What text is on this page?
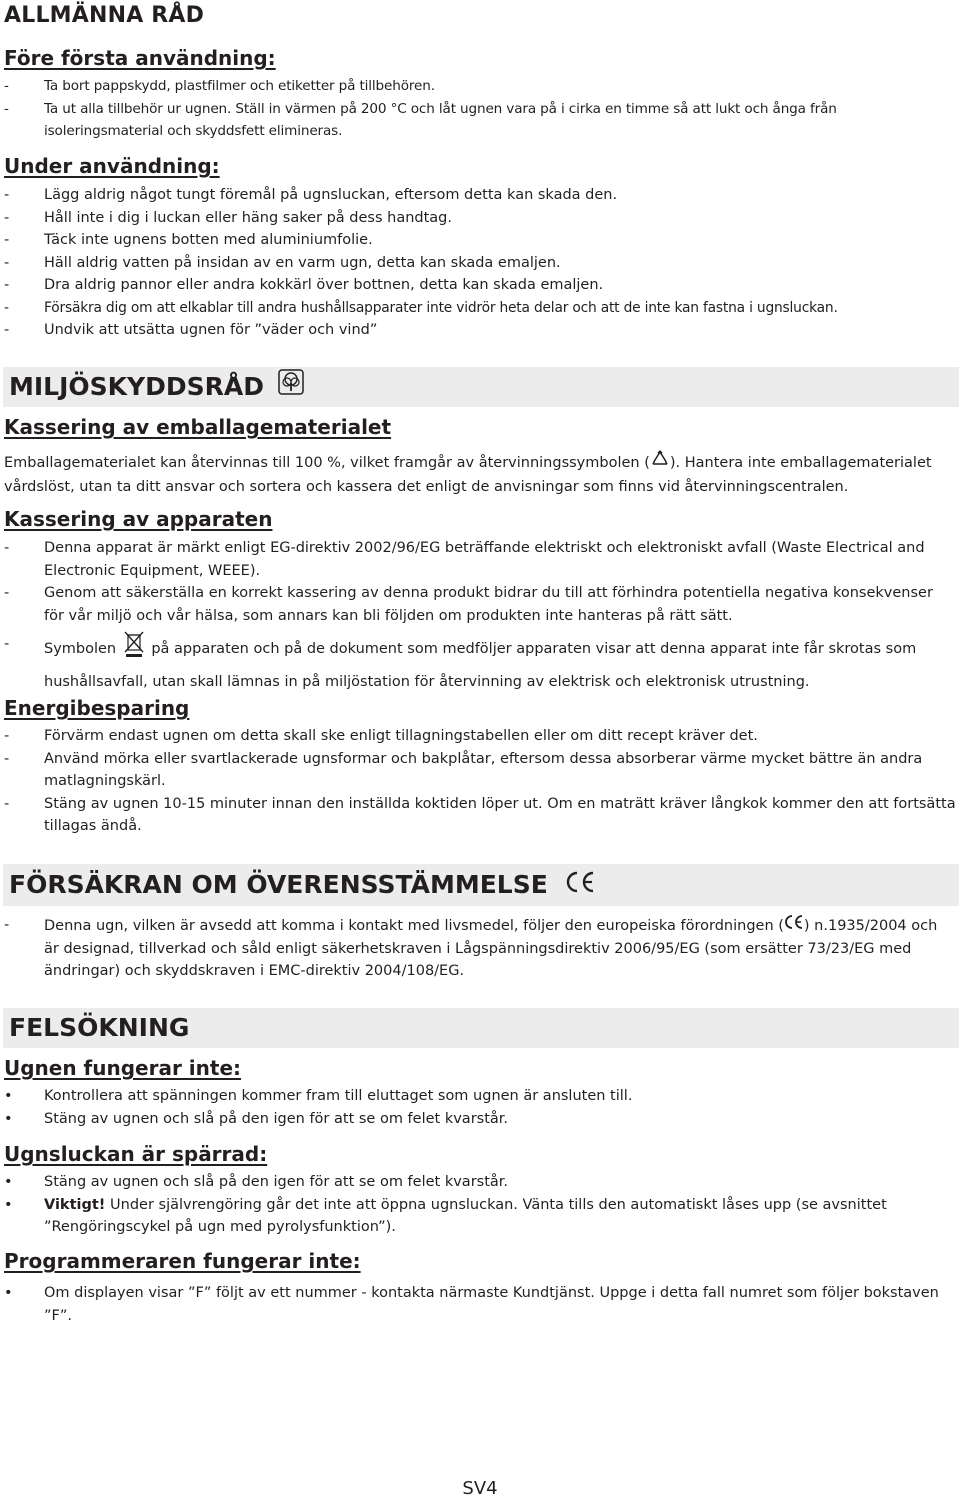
ALLMÄNNA RÅD
Före första användning:
-	Ta bort pappskydd, plastfilmer och etiketter på tillbehören.
-	Ta ut alla tillbehör ur ugnen. Ställ in värmen på 200 °C och låt ugnen vara på i cirka en timme så att lukt och ånga från isoleringsmaterial och skyddsfett elimineras.
Under användning:
- Lägg aldrig något tungt föremål på ugnsluckan, eftersom detta kan skada den.
- Håll inte i dig i luckan eller häng saker på dess handtag.
- Täck inte ugnens botten med aluminiumfolie.
- Häll aldrig vatten på insidan av en varm ugn, detta kan skada emaljen.
- Dra aldrig pannor eller andra kokkärl över bottnen, detta kan skada emaljen.
-	Försäkra dig om att elkablar till andra hushållsapparater inte vidrör heta delar och att de inte kan fastna i ugnsluckan.
- Undvik att utsätta ugnen för ”väder och vind”
MILJÖSKYDDSRÅD
Kassering av emballagematerialet
Emballagematerialet kan återvinnas till 100 %, vilket framgår av återvinningssymbolen ( ). Hantera inte emballagematerialet vårdslöst, utan ta ditt ansvar och sortera och kassera det enligt de anvisningar som finns vid återvinningscentralen.
Kassering av apparaten
- Denna apparat är märkt enligt EG-direktiv 2002/96/EG beträffande elektriskt och elektroniskt avfall (Waste Electrical and Electronic Equipment, WEEE).
- Genom att säkerställa en korrekt kassering av denna produkt bidrar du till att förhindra potentiella negativa konsekvenser för vår miljö och vår hälsa, som annars kan bli följden om produkten inte hanteras på rätt sätt.
- Symbolen på apparaten och på de dokument som medföljer apparaten visar att denna apparat inte får skrotas som
hushållsavfall, utan skall lämnas in på miljöstation för återvinning av elektrisk och elektronisk utrustning.
Energibesparing
- Förvärm endast ugnen om detta skall ske enligt tillagningstabellen eller om ditt recept kräver det.
- Använd mörka eller svartlackerade ugnsformar och bakplåtar, eftersom dessa absorberar värme mycket bättre än andra matlagningskärl.
- Stäng av ugnen 10-15 minuter innan den inställda koktiden löper ut. Om en maträtt kräver långkok kommer den att fortsätta tillagas ändå.
FÖRSÄKRAN OM ÖVERENSSTÄMMELSE
- Denna ugn, vilken är avsedd att komma i kontakt med livsmedel, följer den europeiska förordningen ( ) n.1935/2004 och är designad, tillverkad och såld enligt säkerhetskraven i Lågspänningsdirektiv 2006/95/EG (som ersätter 73/23/EG med ändringar) och skyddskraven i EMC-direktiv 2004/108/EG.
FELSÖKNING
Ugnen fungerar inte:
• Kontrollera att spänningen kommer fram till eluttaget som ugnen är ansluten till.
• Stäng av ugnen och slå på den igen för att se om felet kvarstår.
Ugnsluckan är spärrad:
• Stäng av ugnen och slå på den igen för att se om felet kvarstår.
• Viktigt! Under självrengöring går det inte att öppna ugnsluckan. Vänta tills den automatiskt låses upp (se avsnittet ”Rengöringscykel på ugn med pyrolysfunktion”).
Programmeraren fungerar inte:
• Om displayen visar ”F” följt av ett nummer - kontakta närmaste Kundtjänst. Uppge i detta fall numret som följer bokstaven ”F”.
SV4
